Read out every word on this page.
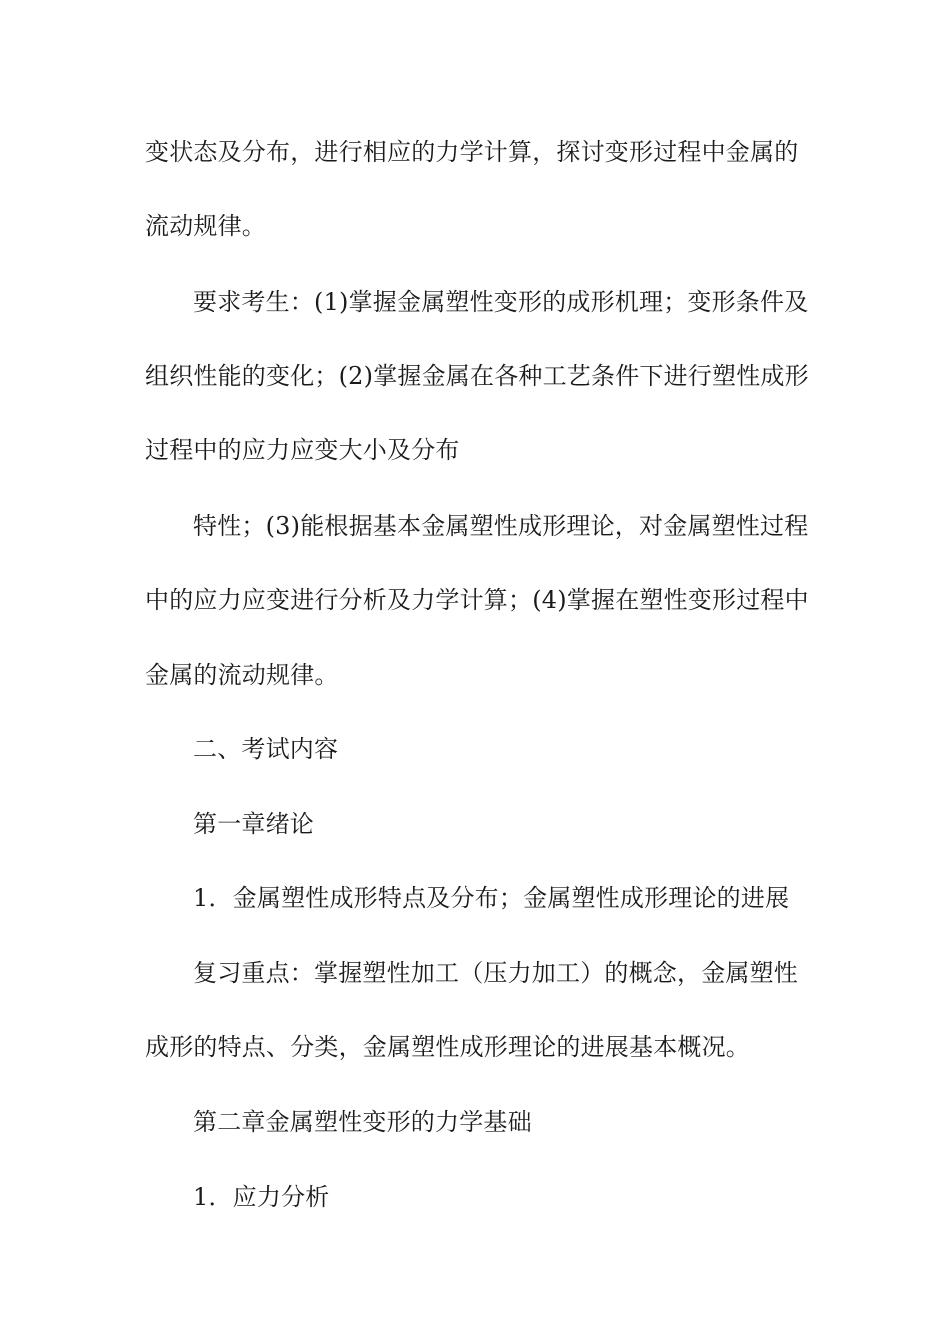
变状态及分布，进行相应的力学计算，探讨变形过程中金属的
流动规律。
要求考生：(1)掌握金属塑性变形的成形机理；变形条件及
组织性能的变化；(2)掌握金属在各种工艺条件下进行塑性成形
过程中的应力应变大小及分布
特性；(3)能根据基本金属塑性成形理论，对金属塑性过程
中的应力应变进行分析及力学计算；(4)掌握在塑性变形过程中
金属的流动规律。
二、考试内容
第一章绪论
1．金属塑性成形特点及分布；金属塑性成形理论的进展
复习重点：掌握塑性加工（压力加工）的概念，金属塑性
成形的特点、分类，金属塑性成形理论的进展基本概况。
第二章金属塑性变形的力学基础
1．应力分析
